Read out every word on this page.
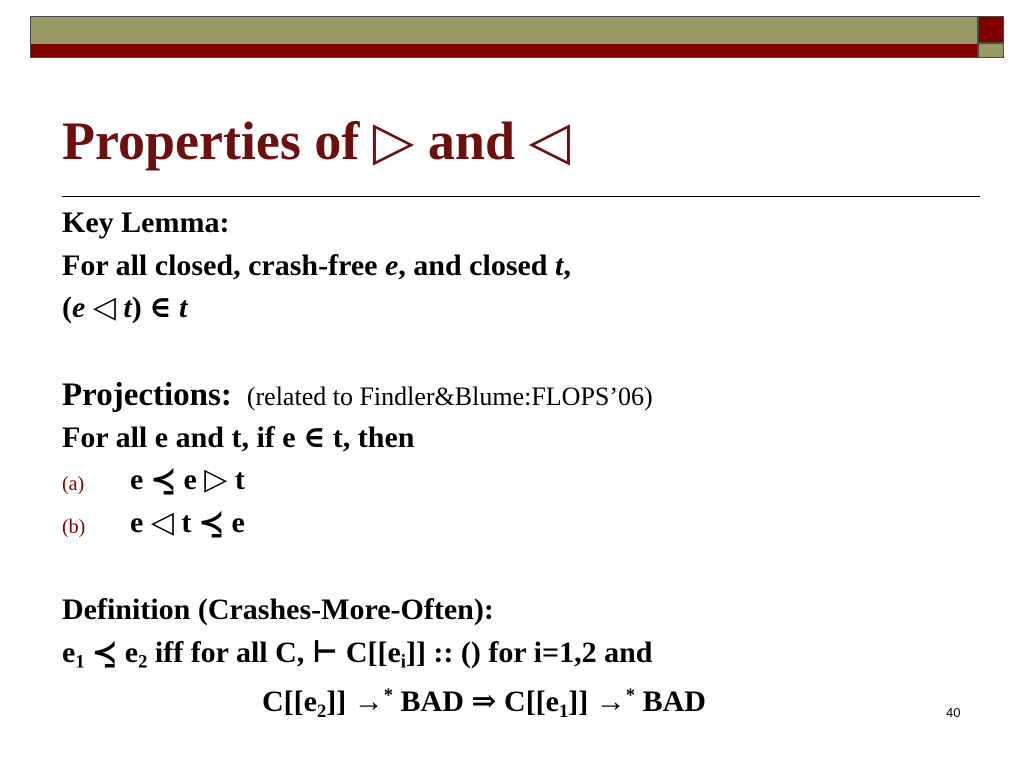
Properties of ▷ and ◁
Key Lemma:
For all closed, crash-free e, and closed t,
(e ◁ t) ∈ t
Projections: (related to Findler&Blume:FLOPS’06)
For all e and t, if e ∈ t, then
(a) e ≺̱ e ▷ t
(b) e ◁ t ≺̱ e
Definition (Crashes-More-Often):
$e_1$ ≺̱ $e_2$ iff for all C, ⊢ $C[[e_i]]$ :: () for i=1,2 and
$C[[e_2]] \to^*$ BAD ⇒ $C[[e_1]] \to^*$ BAD	40
